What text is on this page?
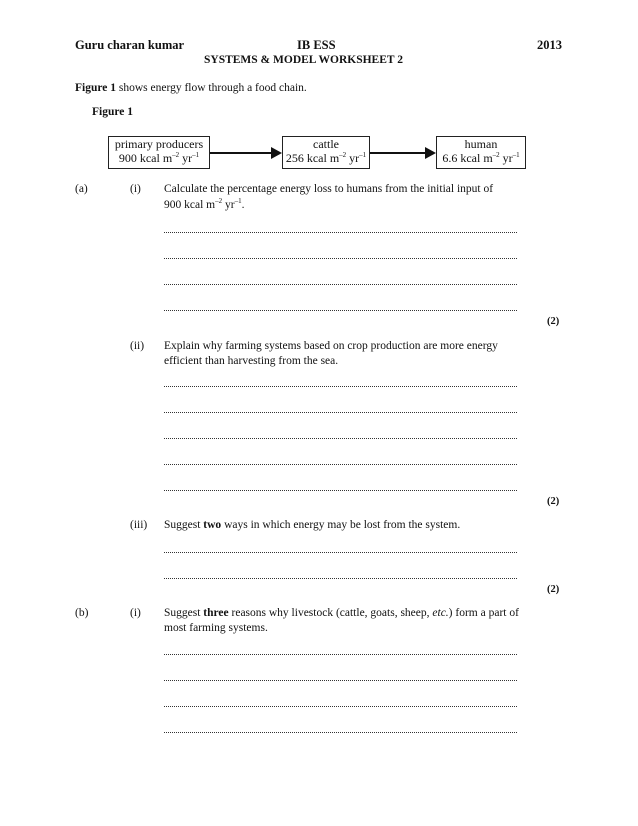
Guru charan kumar	IB ESS	2013
SYSTEMS & MODEL WORKSHEET 2
Figure 1 shows energy flow through a food chain.
Figure 1
primary producers
900 kcal $m^{-2}$ $yr^{-1}$
cattle
256 kcal $m^{-2}$ $yr^{-1}$
human
6.6 kcal $m^{-2}$ $yr^{-1}$
(a)	(i) Calculate the percentage energy loss to humans from the initial input of
900 kcal $m^{-2}$ $yr^{-1}$.
(2)
(ii) Explain why farming systems based on crop production are more energy
efficient than harvesting from the sea.
(2)
(iii) Suggest two ways in which energy may be lost from the system.
(2)
(b)	(i) Suggest three reasons why livestock (cattle, goats, sheep, etc.) form a part of
most farming systems.
